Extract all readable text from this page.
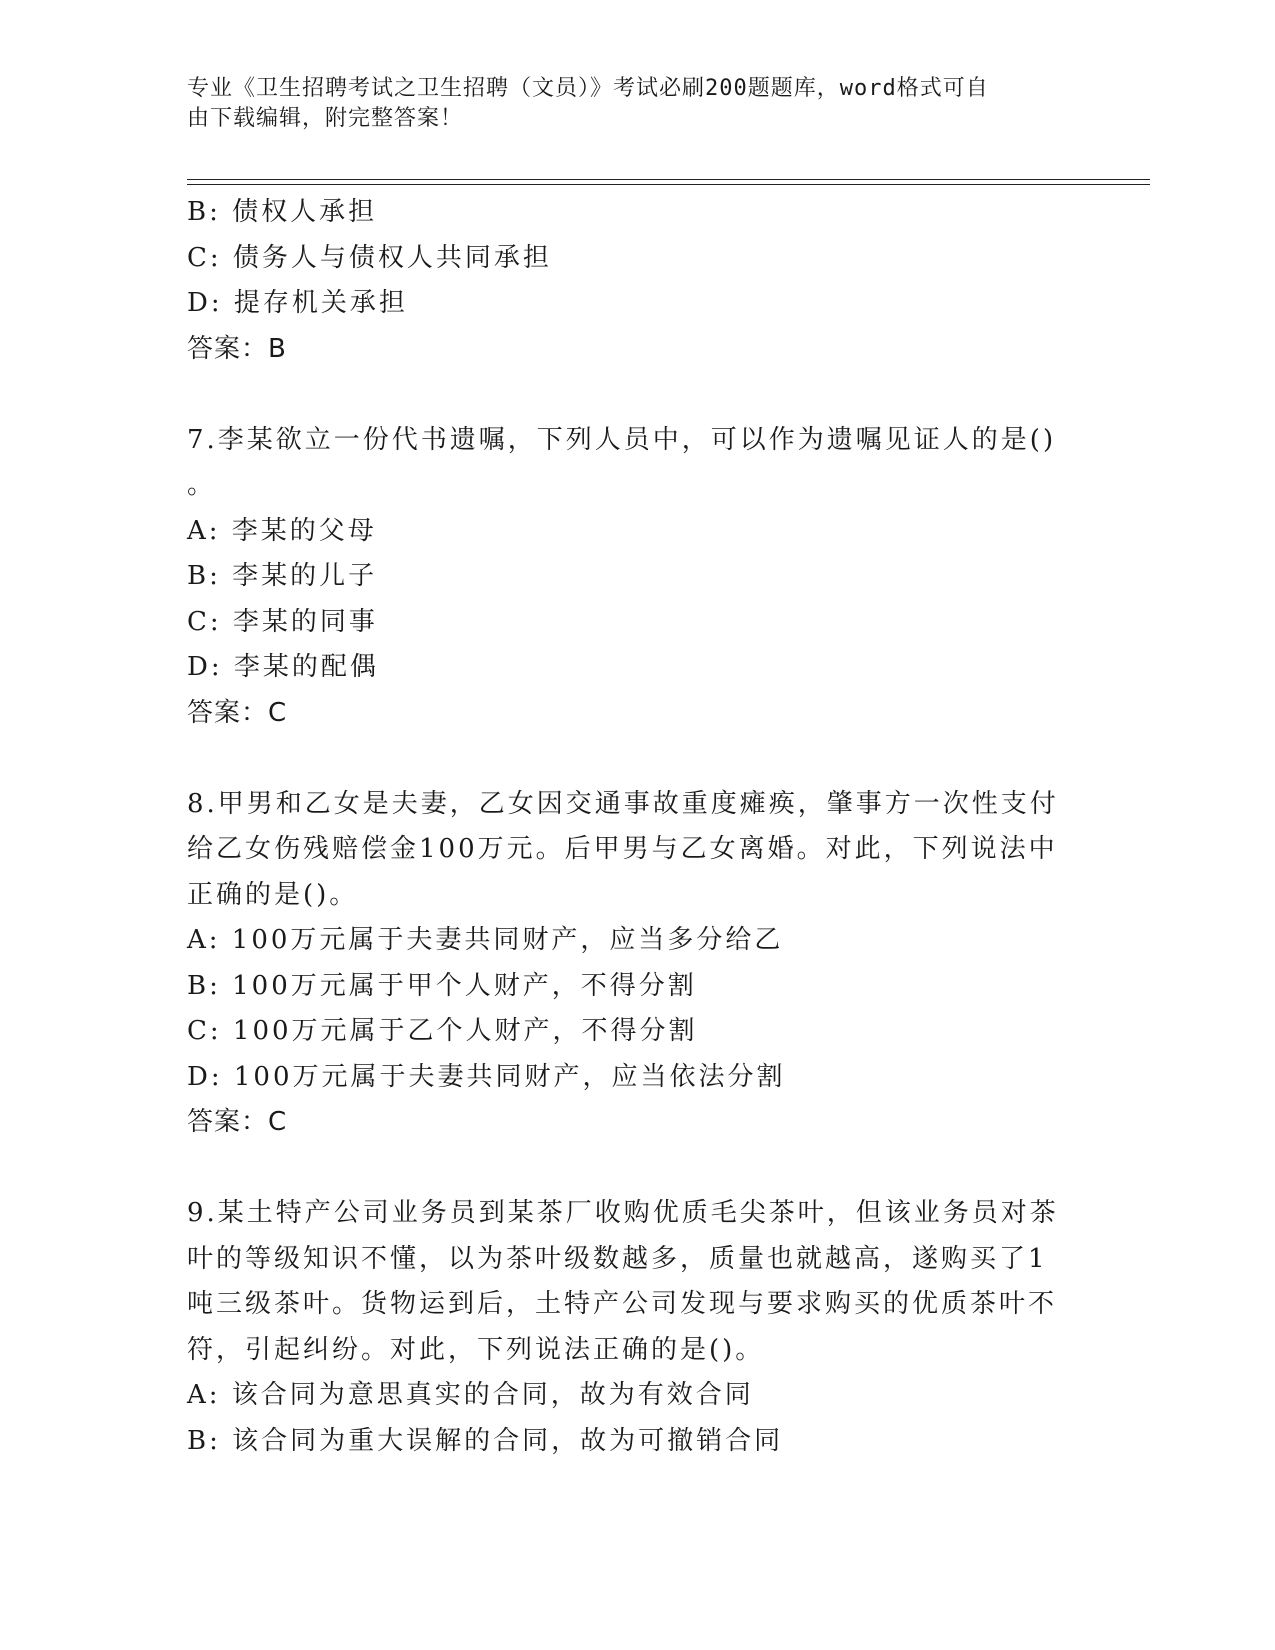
专业《卫生招聘考试之卫生招聘（文员）》考试必刷200题题库，word格式可自
由下载编辑，附完整答案！

B: 债权人承担

C: 债务人与债权人共同承担

D: 提存机关承担

答案：B

7.李某欲立一份代书遗嘱，下列人员中，可以作为遗嘱见证人的是()

。

A: 李某的父母

B: 李某的儿子

C: 李某的同事

D: 李某的配偶

答案：C

8.甲男和乙女是夫妻，乙女因交通事故重度瘫痪，肇事方一次性支付

给乙女伤残赔偿金100万元。后甲男与乙女离婚。对此，下列说法中

正确的是()。

A: 100万元属于夫妻共同财产，应当多分给乙

B: 100万元属于甲个人财产，不得分割

C: 100万元属于乙个人财产，不得分割

D: 100万元属于夫妻共同财产，应当依法分割

答案：C

9.某土特产公司业务员到某茶厂收购优质毛尖茶叶，但该业务员对茶

叶的等级知识不懂，以为茶叶级数越多，质量也就越高，遂购买了1

吨三级茶叶。货物运到后，土特产公司发现与要求购买的优质茶叶不

符，引起纠纷。对此，下列说法正确的是()。

A: 该合同为意思真实的合同，故为有效合同

B: 该合同为重大误解的合同，故为可撤销合同
